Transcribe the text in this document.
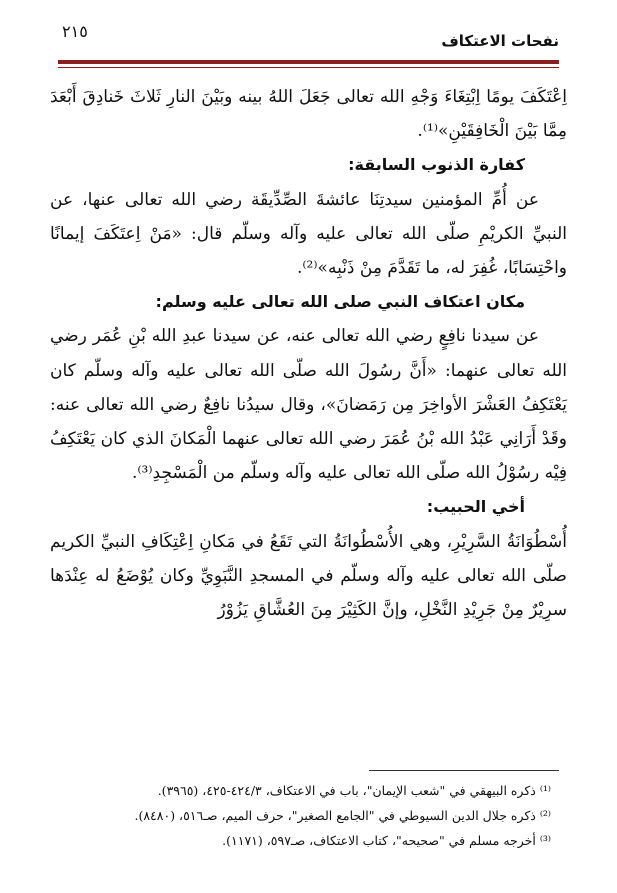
نفحات الاعتكاف
٢١٥

اِعْتَكَفَ يومًا اِبْتِغَاءَ وَجْهِ الله تعالى جَعَلَ اللهُ بينه وبَيْنَ النارِ ثَلاثَ خَنادِقَ أَبْعَدَ مِمَّا بَيْنَ الْخَافِقَيْنِ»⁽¹⁾.

كفارة الذنوب السابقة:

عن أُمِّ المؤمنين سيدتِنَا عائشةَ الصِّدِّيقَة رضي الله تعالى عنها، عن النبيِّ الكريْمِ صلّى الله تعالى عليه وآله وسلّم قال: «مَنْ اِعتَكَفَ إيمانًا واحْتِسَابًا، غُفِرَ له، ما تَقَدَّمَ مِنْ ذَنْبِه»⁽²⁾.

مكان اعتكاف النبي صلى الله تعالى عليه وسلم:

عن سيدنا نافِعٍ رضي الله تعالى عنه، عن سيدنا عبدِ الله بْنِ عُمَر رضي الله تعالى عنهما: «أَنَّ رسُولَ الله صلّى الله تعالى عليه وآله وسلّم كان يَعْتَكِفُ العَشْرَ الأواخِرَ مِن رَمَضانَ»، وقال سيدُنا نافِعٌ رضي الله تعالى عنه: وقَدْ أَرَانِي عَبْدُ الله بْنُ عُمَرَ رضي الله تعالى عنهما الْمَكانَ الذي كان يَعْتَكِفُ فِيْه رسُوْلُ الله صلّى الله تعالى عليه وآله وسلّم من الْمَسْجِدِ⁽³⁾.

أخي الحبيب:

أُسْطُوَانَةُ السَّرِيْرِ، وهي الأُسْطُوانَةُ التي تَقَعُ في مَكانِ اِعْتِكَافِ النبيِّ الكريم صلّى الله تعالى عليه وآله وسلّم في المسجدِ النَّبَوِيِّ وكان يُوْضَعُ له عِنْدَها سرِيْرٌ مِنْ جَرِيْدِ النَّخْلِ، وإنَّ الكَثِيْرَ مِنَ العُشَّاقِ يَزُوْرُ

⁽¹⁾ ذكره البيهقي في "شعب الإيمان"، باب في الاعتكاف، ٤٢٤/٣-٤٢٥، (٣٩٦٥).

⁽²⁾ ذكره جلال الدين السيوطي في "الجامع الصغير"، حرف الميم، صـ٥١٦، (٨٤٨٠).

⁽³⁾ أخرجه مسلم في "صحيحه"، كتاب الاعتكاف، صـ٥٩٧، (١١٧١).
